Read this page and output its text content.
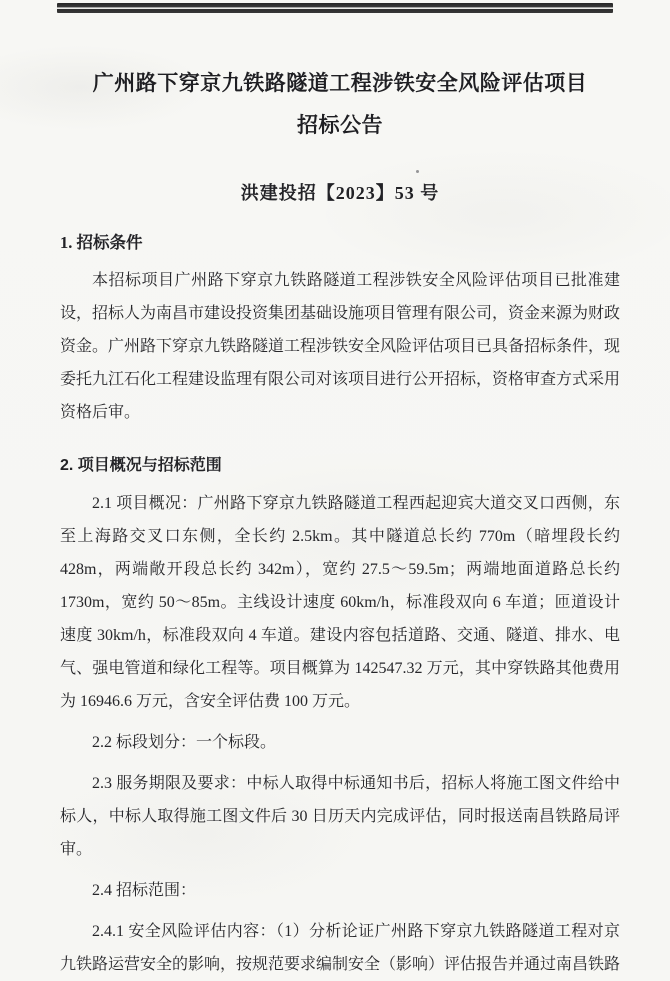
广州路下穿京九铁路隧道工程涉铁安全风险评估项目
招标公告
洪建投招【2023】53 号
1. 招标条件

本招标项目广州路下穿京九铁路隧道工程涉铁安全风险评估项目已批准建设，招标人为南昌市建设投资集团基础设施项目管理有限公司，资金来源为财政资金。广州路下穿京九铁路隧道工程涉铁安全风险评估项目已具备招标条件，现委托九江石化工程建设监理有限公司对该项目进行公开招标，资格审查方式采用资格后审。

2. 项目概况与招标范围

2.1 项目概况：广州路下穿京九铁路隧道工程西起迎宾大道交叉口西侧，东至上海路交叉口东侧，全长约 2.5km。其中隧道总长约 770m（暗埋段长约 428m，两端敞开段总长约 342m），宽约 27.5～59.5m；两端地面道路总长约 1730m，宽约 50～85m。主线设计速度 60km/h，标准段双向 6 车道；匝道设计速度 30km/h，标准段双向 4 车道。建设内容包括道路、交通、隧道、排水、电气、强电管道和绿化工程等。项目概算为 142547.32 万元，其中穿铁路其他费用为 16946.6 万元，含安全评估费 100 万元。

2.2 标段划分：一个标段。

2.3 服务期限及要求：中标人取得中标通知书后，招标人将施工图文件给中标人，中标人取得施工图文件后 30 日历天内完成评估，同时报送南昌铁路局评审。

2.4 招标范围：

2.4.1 安全风险评估内容：（1）分析论证广州路下穿京九铁路隧道工程对京九铁路运营安全的影响，按规范要求编制安全（影响）评估报告并通过南昌铁路
